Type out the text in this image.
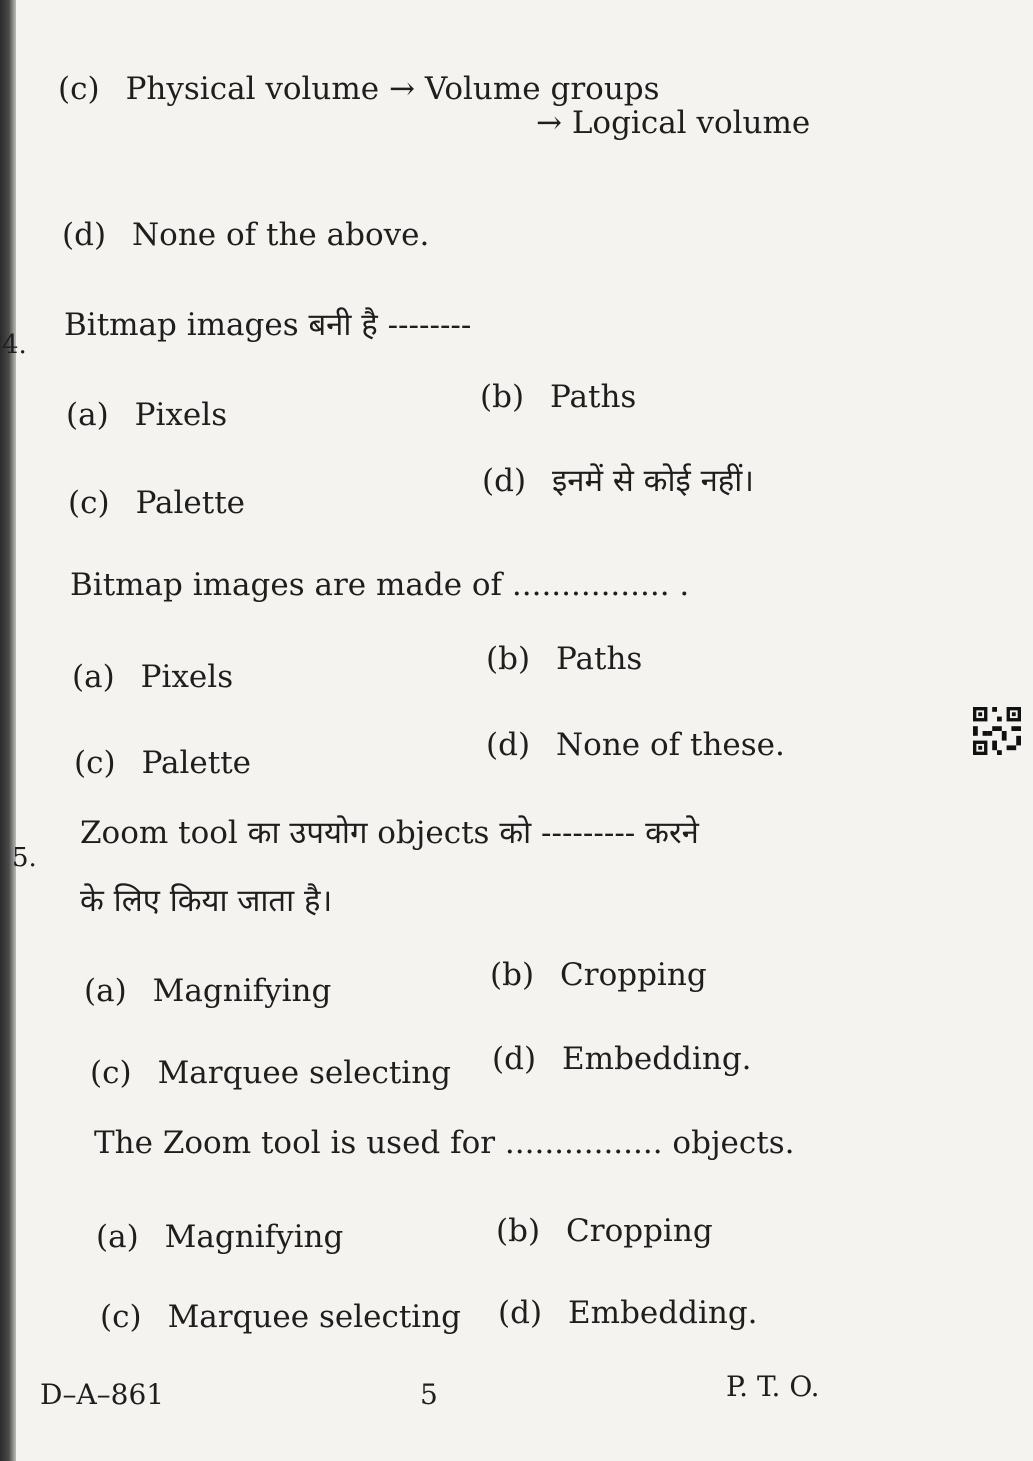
(c) Physical volume → Volume groups
→ Logical volume
(d) None of the above.
4.
Bitmap images बनी है --------
(a) Pixels	(b) Paths
(c) Palette
(d) इनमें से कोई नहीं।
Bitmap images are made of ................ .
(a) Pixels	(b) Paths
(c) Palette	(d) None of these.
5.
Zoom tool का उपयोग objects को --------- करने
के लिए किया जाता है।
(a) Magnifying	(b) Cropping
(c) Marquee selecting (d) Embedding.
The Zoom tool is used for ................ objects.
(a) Magnifying	(b) Cropping
(c) Marquee selecting (d) Embedding.
D–A–861	5	P. T. O.
